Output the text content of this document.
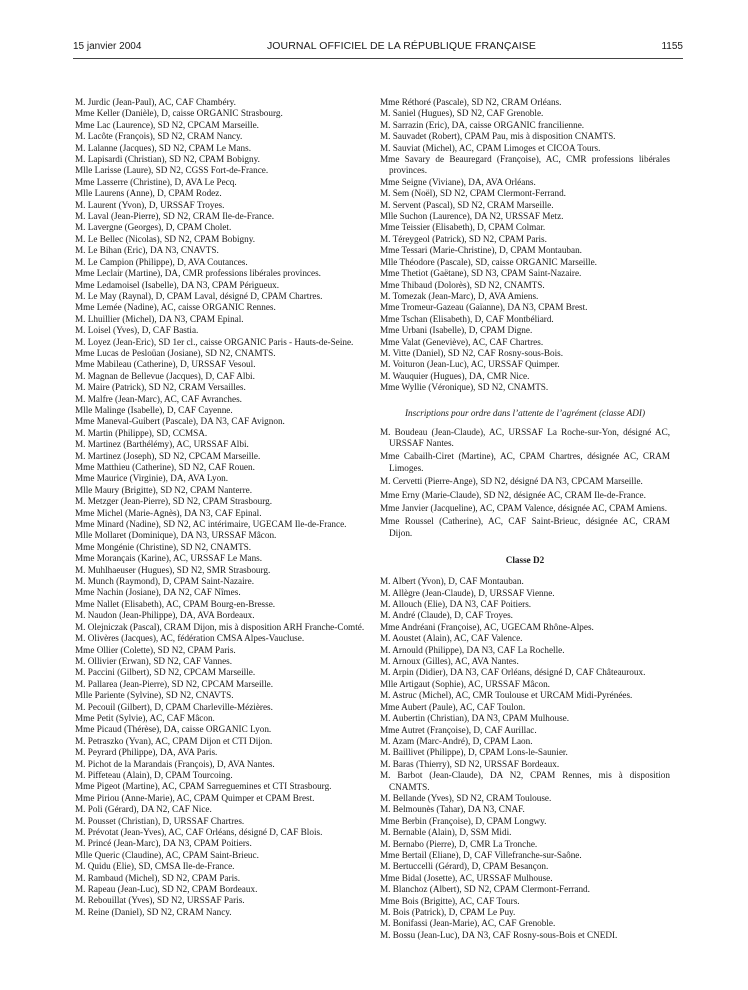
15 janvier 2004	JOURNAL OFFICIEL DE LA RÉPUBLIQUE FRANÇAISE	1155

M. Jurdic (Jean-Paul), AC, CAF Chambéry.

Mme Keller (Danièle), D, caisse ORGANIC Strasbourg.

Mme Lac (Laurence), SD N2, CPCAM Marseille.

M. Lacôte (François), SD N2, CRAM Nancy.

M. Lalanne (Jacques), SD N2, CPAM Le Mans.

M. Lapisardi (Christian), SD N2, CPAM Bobigny.

Mlle Larisse (Laure), SD N2, CGSS Fort-de-France.

Mme Lasserre (Christine), D, AVA Le Pecq.

Mlle Laurens (Anne), D, CPAM Rodez.

M. Laurent (Yvon), D, URSSAF Troyes.

M. Laval (Jean-Pierre), SD N2, CRAM Ile-de-France.

M. Lavergne (Georges), D, CPAM Cholet.

M. Le Bellec (Nicolas), SD N2, CPAM Bobigny.

M. Le Bihan (Eric), DA N3, CNAVTS.

M. Le Campion (Philippe), D, AVA Coutances.

Mme Leclair (Martine), DA, CMR professions libérales provinces.

Mme Ledamoisel (Isabelle), DA N3, CPAM Périgueux.

M. Le May (Raynal), D, CPAM Laval, désigné D, CPAM Chartres.

Mme Lemée (Nadine), AC, caisse ORGANIC Rennes.

M. Lhuillier (Michel), DA N3, CPAM Epinal.

M. Loisel (Yves), D, CAF Bastia.

M. Loyez (Jean-Eric), SD 1er cl., caisse ORGANIC Paris - Hauts-de-Seine.

Mme Lucas de Pesloüan (Josiane), SD N2, CNAMTS.

Mme Mabileau (Catherine), D, URSSAF Vesoul.

M. Magnan de Bellevue (Jacques), D, CAF Albi.

M. Maire (Patrick), SD N2, CRAM Versailles.

M. Malfre (Jean-Marc), AC, CAF Avranches.

Mlle Malinge (Isabelle), D, CAF Cayenne.

Mme Maneval-Guibert (Pascale), DA N3, CAF Avignon.

M. Martin (Philippe), SD, CCMSA.

M. Martinez (Barthélémy), AC, URSSAF Albi.

M. Martinez (Joseph), SD N2, CPCAM Marseille.

Mme Matthieu (Catherine), SD N2, CAF Rouen.

Mme Maurice (Virginie), DA, AVA Lyon.

Mlle Maury (Brigitte), SD N2, CPAM Nanterre.

M. Metzger (Jean-Pierre), SD N2, CPAM Strasbourg.

Mme Michel (Marie-Agnès), DA N3, CAF Epinal.

Mme Minard (Nadine), SD N2, AC intérimaire, UGECAM Ile-de-France.

Mlle Mollaret (Dominique), DA N3, URSSAF Mâcon.

Mme Mongénie (Christine), SD N2, CNAMTS.

Mme Morançais (Karine), AC, URSSAF Le Mans.

M. Muhlhaeuser (Hugues), SD N2, SMR Strasbourg.

M. Munch (Raymond), D, CPAM Saint-Nazaire.

Mme Nachin (Josiane), DA N2, CAF Nîmes.

Mme Nallet (Elisabeth), AC, CPAM Bourg-en-Bresse.

M. Naudon (Jean-Philippe), DA, AVA Bordeaux.

M. Olejniczak (Pascal), CRAM Dijon, mis à disposition ARH Franche-Comté.

M. Olivères (Jacques), AC, fédération CMSA Alpes-Vaucluse.

Mme Ollier (Colette), SD N2, CPAM Paris.

M. Ollivier (Erwan), SD N2, CAF Vannes.

M. Paccini (Gilbert), SD N2, CPCAM Marseille.

M. Pallarea (Jean-Pierre), SD N2, CPCAM Marseille.

Mlle Pariente (Sylvine), SD N2, CNAVTS.

M. Pecouil (Gilbert), D, CPAM Charleville-Mézières.

Mme Petit (Sylvie), AC, CAF Mâcon.

Mme Picaud (Thérèse), DA, caisse ORGANIC Lyon.

M. Petraszko (Yvan), AC, CPAM Dijon et CTI Dijon.

M. Peyrard (Philippe), DA, AVA Paris.

M. Pichot de la Marandais (François), D, AVA Nantes.

M. Piffeteau (Alain), D, CPAM Tourcoing.

Mme Pigeot (Martine), AC, CPAM Sarreguemines et CTI Strasbourg.

Mme Piriou (Anne-Marie), AC, CPAM Quimper et CPAM Brest.

M. Poli (Gérard), DA N2, CAF Nice.

M. Pousset (Christian), D, URSSAF Chartres.

M. Prévotat (Jean-Yves), AC, CAF Orléans, désigné D, CAF Blois.

M. Princé (Jean-Marc), DA N3, CPAM Poitiers.

Mlle Queric (Claudine), AC, CPAM Saint-Brieuc.

M. Quidu (Elie), SD, CMSA Ile-de-France.

M. Rambaud (Michel), SD N2, CPAM Paris.

M. Rapeau (Jean-Luc), SD N2, CPAM Bordeaux.

M. Rebouillat (Yves), SD N2, URSSAF Paris.

M. Reine (Daniel), SD N2, CRAM Nancy.

Mme Réthoré (Pascale), SD N2, CRAM Orléans.

M. Saniel (Hugues), SD N2, CAF Grenoble.

M. Sarrazin (Eric), DA, caisse ORGANIC francilienne.

M. Sauvadet (Robert), CPAM Pau, mis à disposition CNAMTS.

M. Sauviat (Michel), AC, CPAM Limoges et CICOA Tours.

Mme Savary de Beauregard (Françoise), AC, CMR professions libérales provinces.

Mme Seigne (Viviane), DA, AVA Orléans.

M. Sem (Noël), SD N2, CPAM Clermont-Ferrand.

M. Servent (Pascal), SD N2, CRAM Marseille.

Mlle Suchon (Laurence), DA N2, URSSAF Metz.

Mme Teissier (Elisabeth), D, CPAM Colmar.

M. Téreygeol (Patrick), SD N2, CPAM Paris.

Mme Tessari (Marie-Christine), D, CPAM Montauban.

Mlle Théodore (Pascale), SD, caisse ORGANIC Marseille.

Mme Thetiot (Gaëtane), SD N3, CPAM Saint-Nazaire.

Mme Thibaud (Dolorès), SD N2, CNAMTS.

M. Tomezak (Jean-Marc), D, AVA Amiens.

Mme Tromeur-Gazeau (Gaïanne), DA N3, CPAM Brest.

Mme Tschan (Elisabeth), D, CAF Montbéliard.

Mme Urbani (Isabelle), D, CPAM Digne.

Mme Valat (Geneviève), AC, CAF Chartres.

M. Vitte (Daniel), SD N2, CAF Rosny-sous-Bois.

M. Voituron (Jean-Luc), AC, URSSAF Quimper.

M. Wauquier (Hugues), DA, CMR Nice.

Mme Wyllie (Véronique), SD N2, CNAMTS.

Inscriptions pour ordre dans l’attente de l’agrément (classe ADI)

M. Boudeau (Jean-Claude), AC, URSSAF La Roche-sur-Yon, désigné AC, URSSAF Nantes.

Mme Cabailh-Ciret (Martine), AC, CPAM Chartres, désignée AC, CRAM Limoges.

M. Cervetti (Pierre-Ange), SD N2, désigné DA N3, CPCAM Marseille.

Mme Erny (Marie-Claude), SD N2, désignée AC, CRAM Ile-de-France.

Mme Janvier (Jacqueline), AC, CPAM Valence, désignée AC, CPAM Amiens.

Mme Roussel (Catherine), AC, CAF Saint-Brieuc, désignée AC, CRAM Dijon.

Classe D2

M. Albert (Yvon), D, CAF Montauban.

M. Allègre (Jean-Claude), D, URSSAF Vienne.

M. Allouch (Elie), DA N3, CAF Poitiers.

M. André (Claude), D, CAF Troyes.

Mme Andréani (Françoise), AC, UGECAM Rhône-Alpes.

M. Aoustet (Alain), AC, CAF Valence.

M. Arnould (Philippe), DA N3, CAF La Rochelle.

M. Arnoux (Gilles), AC, AVA Nantes.

M. Arpin (Didier), DA N3, CAF Orléans, désigné D, CAF Châteauroux.

Mlle Artigaut (Sophie), AC, URSSAF Mâcon.

M. Astruc (Michel), AC, CMR Toulouse et URCAM Midi-Pyrénées.

Mme Aubert (Paule), AC, CAF Toulon.

M. Aubertin (Christian), DA N3, CPAM Mulhouse.

Mme Autret (Françoise), D, CAF Aurillac.

M. Azam (Marc-André), D, CPAM Laon.

M. Baillivet (Philippe), D, CPAM Lons-le-Saunier.

M. Baras (Thierry), SD N2, URSSAF Bordeaux.

M. Barbot (Jean-Claude), DA N2, CPAM Rennes, mis à disposition CNAMTS.

M. Bellande (Yves), SD N2, CRAM Toulouse.

M. Belmounès (Tahar), DA N3, CNAF.

Mme Berbin (Françoise), D, CPAM Longwy.

M. Bernable (Alain), D, SSM Midi.

M. Bernabo (Pierre), D, CMR La Tronche.

Mme Bertail (Eliane), D, CAF Villefranche-sur-Saône.

M. Bertuccelli (Gérard), D, CPAM Besançon.

Mme Bidal (Josette), AC, URSSAF Mulhouse.

M. Blanchoz (Albert), SD N2, CPAM Clermont-Ferrand.

Mme Bois (Brigitte), AC, CAF Tours.

M. Bois (Patrick), D, CPAM Le Puy.

M. Bonifassi (Jean-Marie), AC, CAF Grenoble.

M. Bossu (Jean-Luc), DA N3, CAF Rosny-sous-Bois et CNEDI.
